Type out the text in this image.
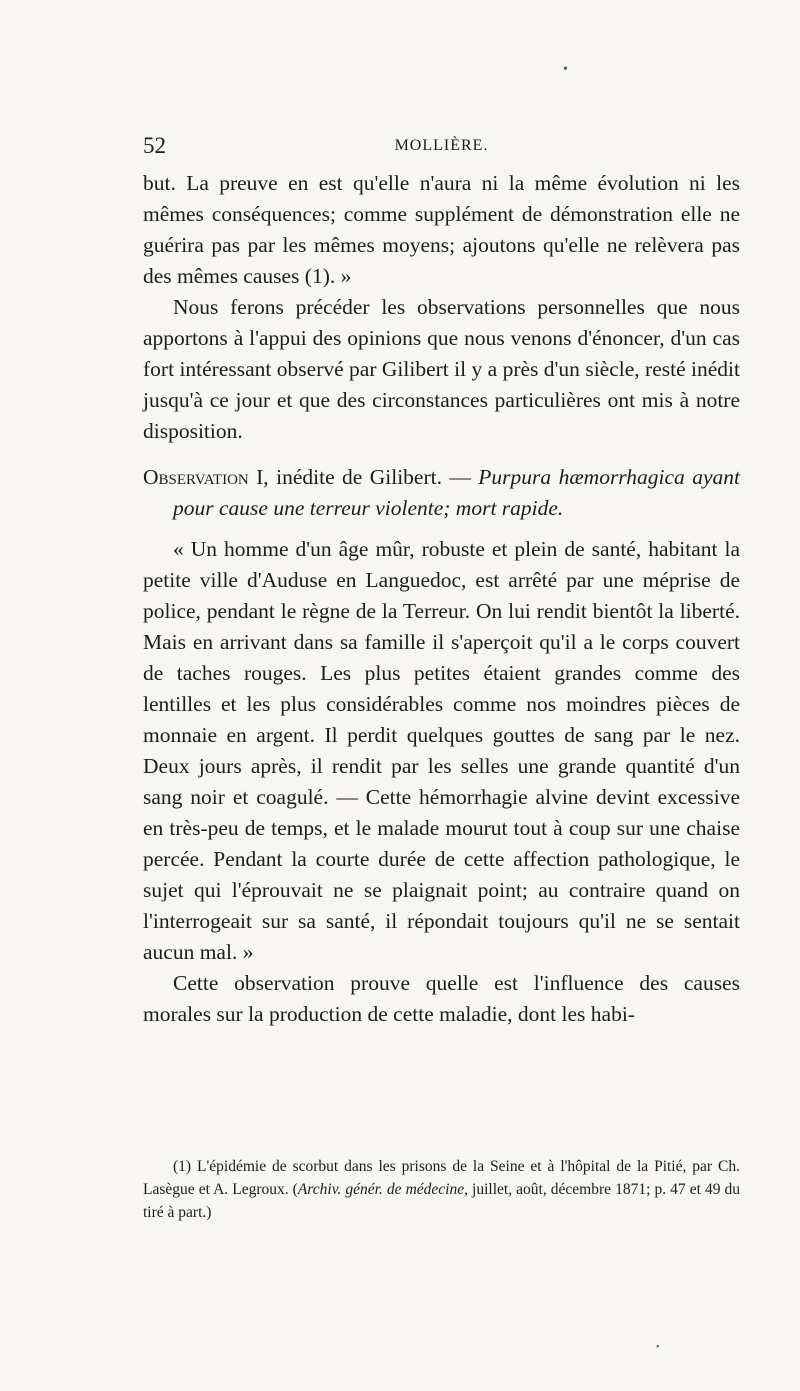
•
52	MOLLIÈRE.

but. La preuve en est qu'elle n'aura ni la même évolution ni les mêmes conséquences; comme supplément de démonstration elle ne guérira pas par les mêmes moyens; ajoutons qu'elle ne relèvera pas des mêmes causes (1). »

Nous ferons précéder les observations personnelles que nous apportons à l'appui des opinions que nous venons d'énoncer, d'un cas fort intéressant observé par Gilibert il y a près d'un siècle, resté inédit jusqu'à ce jour et que des circonstances particulières ont mis à notre disposition.

Observation I, inédite de Gilibert. — Purpura hæmorrhagica ayant pour cause une terreur violente; mort rapide.

« Un homme d'un âge mûr, robuste et plein de santé, habitant la petite ville d'Auduse en Languedoc, est arrêté par une méprise de police, pendant le règne de la Terreur. On lui rendit bientôt la liberté. Mais en arrivant dans sa famille il s'aperçoit qu'il a le corps couvert de taches rouges. Les plus petites étaient grandes comme des lentilles et les plus considérables comme nos moindres pièces de monnaie en argent. Il perdit quelques gouttes de sang par le nez. Deux jours après, il rendit par les selles une grande quantité d'un sang noir et coagulé. — Cette hémorrhagie alvine devint excessive en très-peu de temps, et le malade mourut tout à coup sur une chaise percée. Pendant la courte durée de cette affection pathologique, le sujet qui l'éprouvait ne se plaignait point; au contraire quand on l'interrogeait sur sa santé, il répondait toujours qu'il ne se sentait aucun mal. »

Cette observation prouve quelle est l'influence des causes morales sur la production de cette maladie, dont les habi-

(1) L'épidémie de scorbut dans les prisons de la Seine et à l'hôpital de la Pitié, par Ch. Lasègue et A. Legroux. (Archiv. génér. de médecine, juillet, août, décembre 1871; p. 47 et 49 du tiré à part.)

•
